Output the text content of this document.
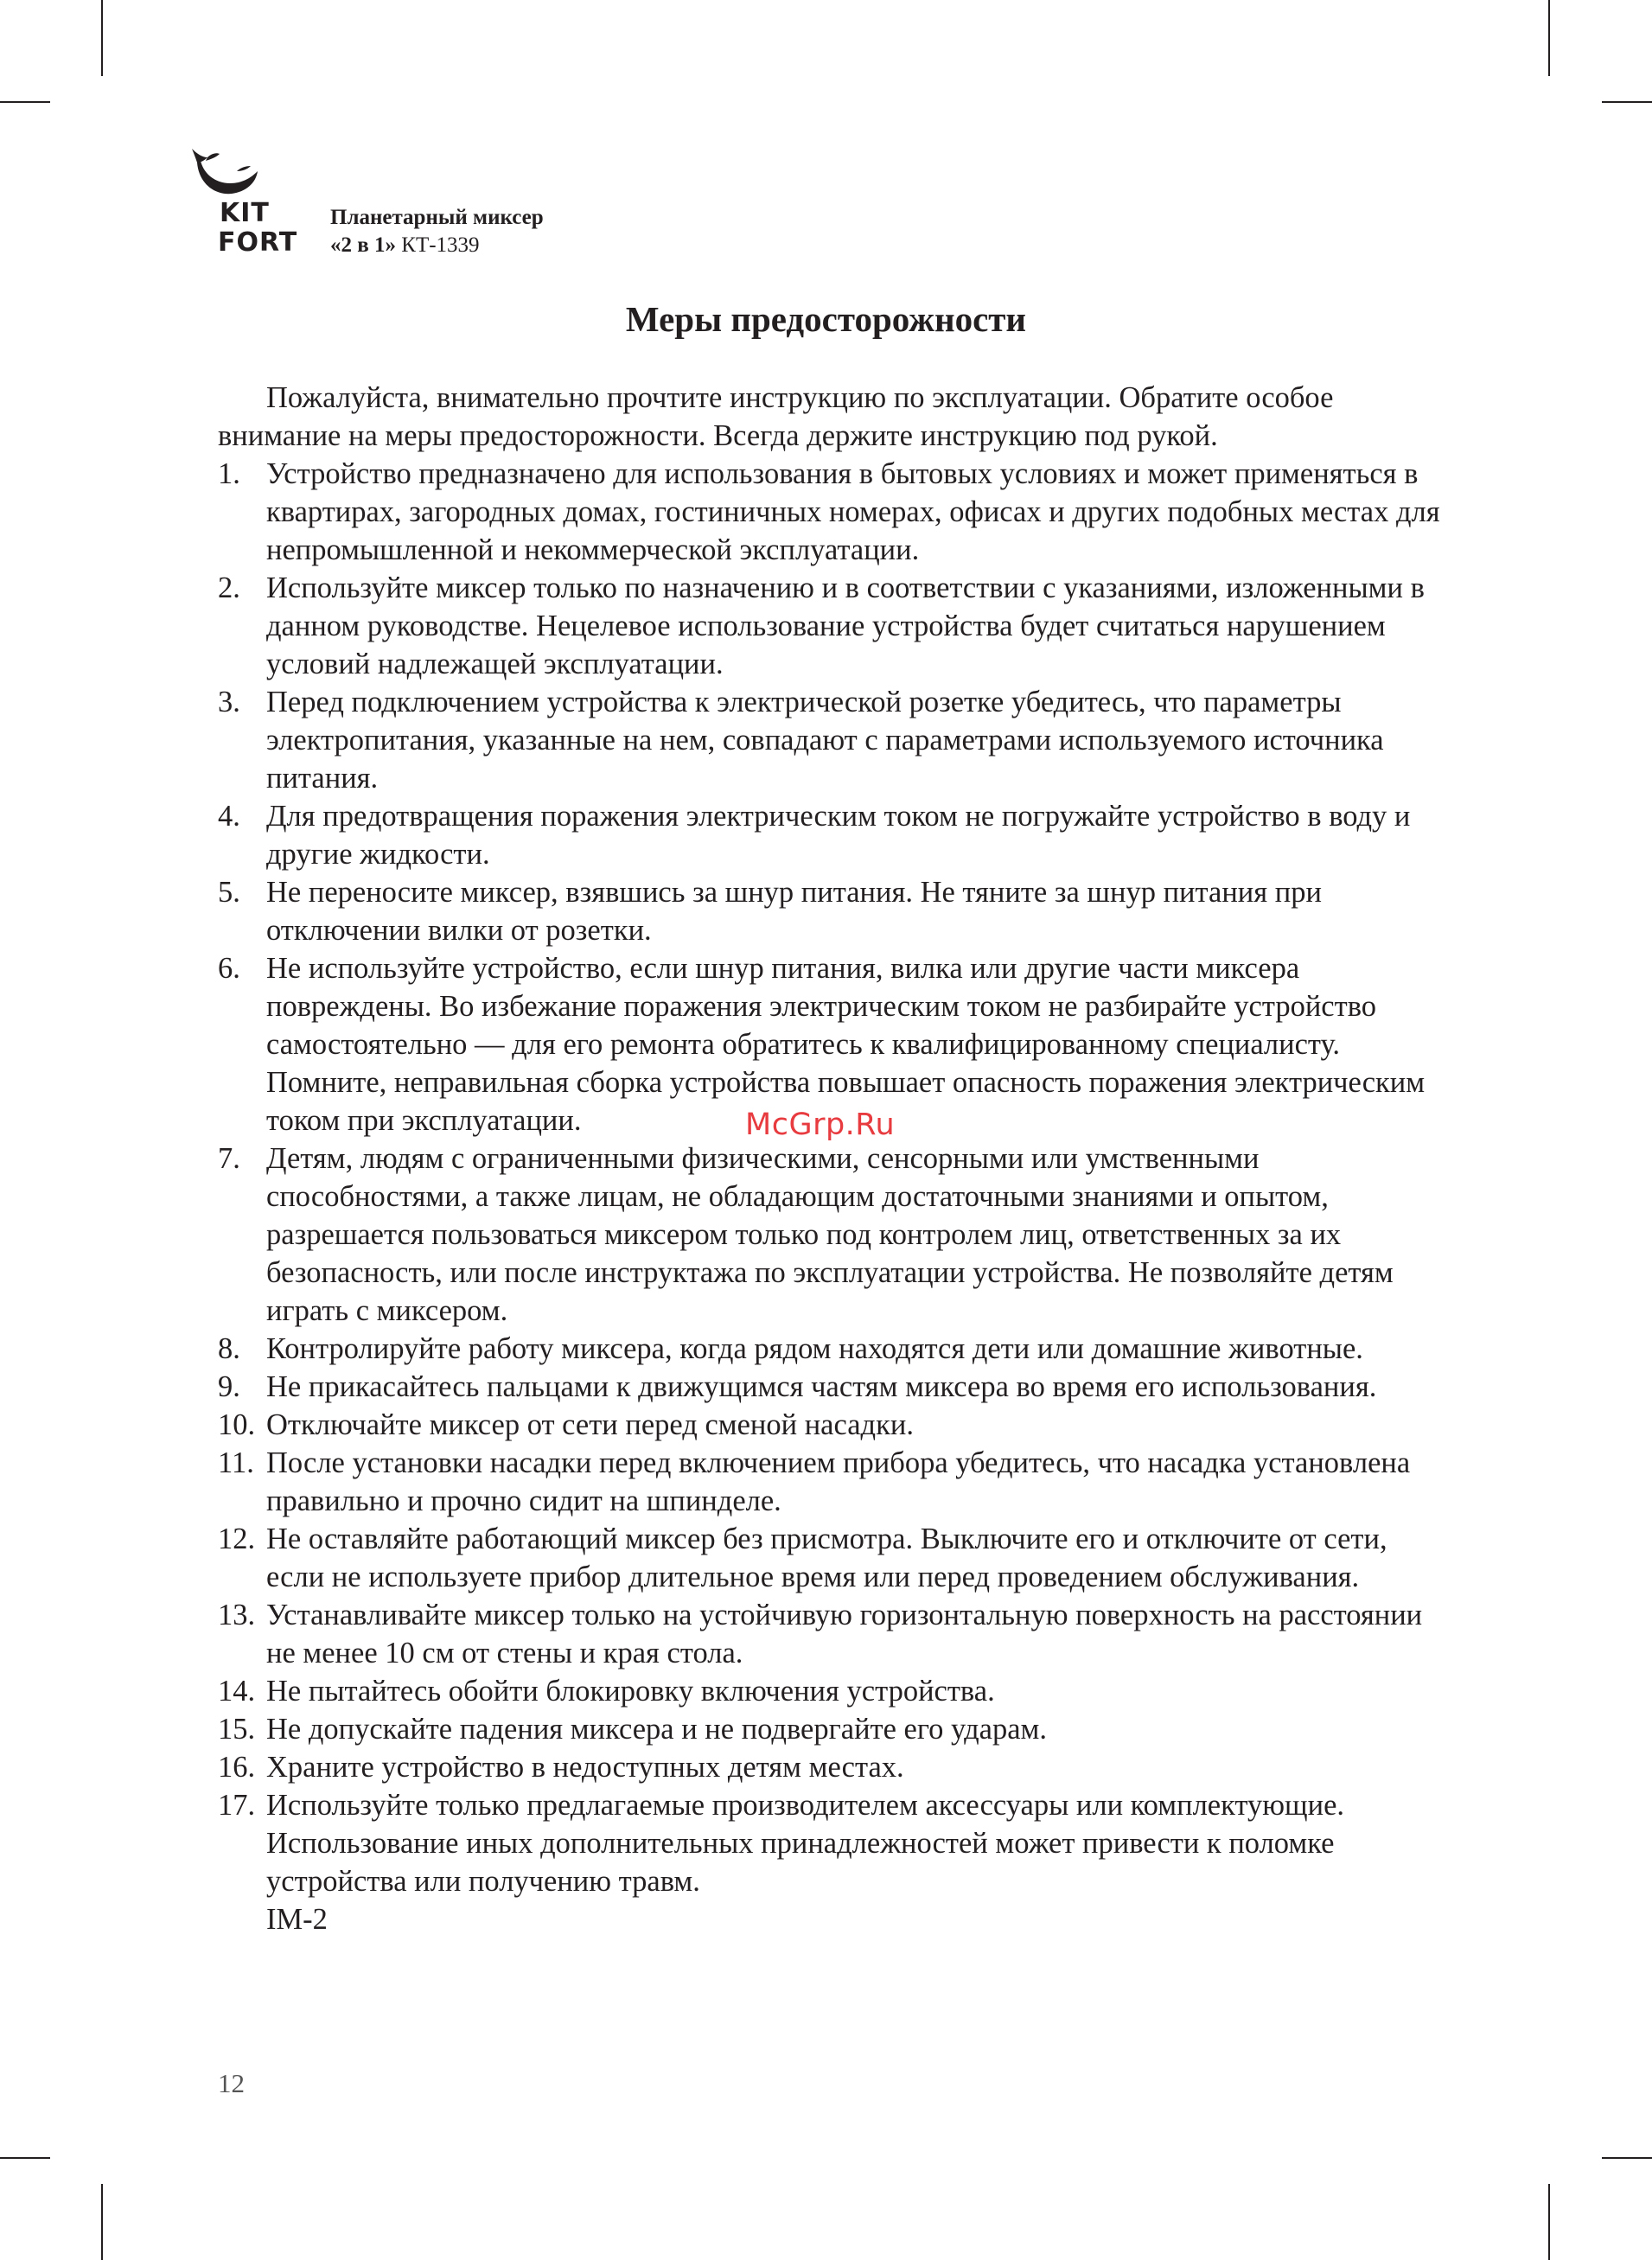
KIT
FORT
Планетарный миксер
«2 в 1» КТ-1339
Меры предосторожности

Пожалуйста, внимательно прочтите инструкцию по эксплуатации. Обратите особое внимание на меры предосторожности. Всегда держите инструкцию под рукой.

1. Устройство предназначено для использования в бытовых условиях и может применяться в квартирах, загородных домах, гостиничных номерах, офисах и других подобных местах для непромышленной и некоммерческой эксплуатации.
2. Используйте миксер только по назначению и в соответствии с указаниями, изложенными в данном руководстве. Нецелевое использование устройства будет считаться нарушением условий надлежащей эксплуатации.
3. Перед подключением устройства к электрической розетке убедитесь, что параметры электропитания, указанные на нем, совпадают с параметрами используемого источника питания.
4. Для предотвращения поражения электрическим током не погружайте устройство в воду и другие жидкости.
5. Не переносите миксер, взявшись за шнур питания. Не тяните за шнур питания при отключении вилки от розетки.
6. Не используйте устройство, если шнур питания, вилка или другие части миксера повреждены. Во избежание поражения электрическим током не разбирайте устройство самостоятельно — для его ремонта обратитесь к квалифицированному специалисту. Помните, неправильная сборка устройства повышает опасность поражения электрическим током при эксплуатации.
7. Детям, людям с ограниченными физическими, сенсорными или умственными способностями, а также лицам, не обладающим достаточными знаниями и опытом, разрешается пользоваться миксером только под контролем лиц, ответственных за их безопасность, или после инструктажа по эксплуатации устройства. Не позволяйте детям играть с миксером.
8. Контролируйте работу миксера, когда рядом находятся дети или домашние животные.
9. Не прикасайтесь пальцами к движущимся частям миксера во время его использования.
10. Отключайте миксер от сети перед сменой насадки.
11. После установки насадки перед включением прибора убедитесь, что насадка установлена правильно и прочно сидит на шпинделе.
12. Не оставляйте работающий миксер без присмотра. Выключите его и отключите от сети, если не используете прибор длительное время или перед проведением обслуживания.
13. Устанавливайте миксер только на устойчивую горизонтальную поверхность на расстоянии не менее 10 см от стены и края стола.
14. Не пытайтесь обойти блокировку включения устройства.
15. Не допускайте падения миксера и не подвергайте его ударам.
16. Храните устройство в недоступных детям местах.
17. Используйте только предлагаемые производителем аксессуары или комплектующие. Использование иных дополнительных принадлежностей может привести к поломке устройства или получению травм.

IM-2

McGrp.Ru
12
